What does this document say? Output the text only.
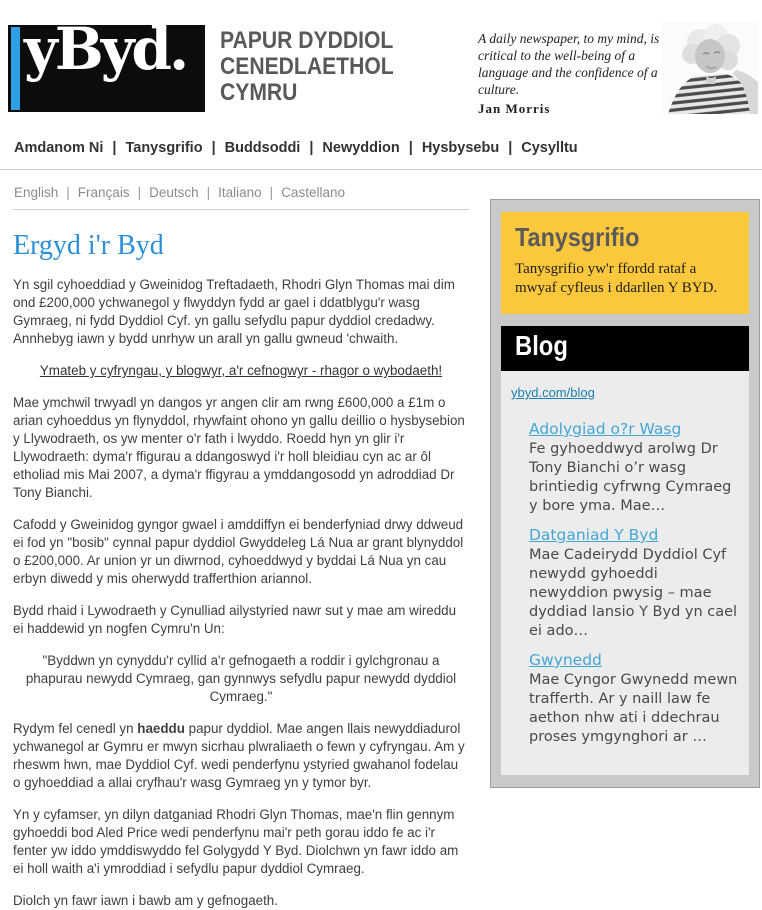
yByd. PAPUR DYDDIOL
CENEDLAETHOL
CYMRU
A daily newspaper, to my mind, is critical to the well-being of a language and the confidence of a culture.
Jan Morris
Amdanom Ni | Tanysgrifio | Buddsoddi | Newyddion | Hysbysebu | Cysylltu
English | Français | Deutsch | Italiano | Castellano
Ergyd i'r Byd

Yn sgil cyhoeddiad y Gweinidog Treftadaeth, Rhodri Glyn Thomas mai dim ond £200,000 ychwanegol y flwyddyn fydd ar gael i ddatblygu'r wasg Gymraeg, ni fydd Dyddiol Cyf. yn gallu sefydlu papur dyddiol credadwy. Annhebyg iawn y bydd unrhyw un arall yn gallu gwneud 'chwaith.

Ymateb y cyfryngau, y blogwyr, a'r cefnogwyr - rhagor o wybodaeth!

Mae ymchwil trwyadl yn dangos yr angen clir am rwng £600,000 a £1m o arian cyhoeddus yn flynyddol, rhywfaint ohono yn gallu deillio o hysbysebion y Llywodraeth, os yw menter o'r fath i lwyddo. Roedd hyn yn glir i'r Llywodraeth: dyma'r ffigurau a ddangoswyd i'r holl bleidiau cyn ac ar ôl etholiad mis Mai 2007, a dyma'r ffigyrau a ymddangosodd yn adroddiad Dr Tony Bianchi.

Cafodd y Gweinidog gyngor gwael i amddiffyn ei benderfyniad drwy ddweud ei fod yn "bosib" cynnal papur dyddiol Gwyddeleg Lá Nua ar grant blynyddol o £200,000. Ar union yr un diwrnod, cyhoeddwyd y byddai Lá Nua yn cau erbyn diwedd y mis oherwydd trafferthion ariannol.

Bydd rhaid i Lywodraeth y Cynulliad ailystyried nawr sut y mae am wireddu ei haddewid yn nogfen Cymru'n Un:

"Byddwn yn cynyddu'r cyllid a'r gefnogaeth a roddir i gylchgronau a phapurau newydd Cymraeg, gan gynnwys sefydlu papur newydd dyddiol Cymraeg."

Rydym fel cenedl yn haeddu papur dyddiol. Mae angen llais newyddiadurol ychwanegol ar Gymru er mwyn sicrhau plwraliaeth o fewn y cyfryngau. Am y rheswm hwn, mae Dyddiol Cyf. wedi penderfynu ystyried gwahanol fodelau o gyhoeddiad a allai cryfhau'r wasg Gymraeg yn y tymor byr.

Yn y cyfamser, yn dilyn datganiad Rhodri Glyn Thomas, mae'n flin gennym gyhoeddi bod Aled Price wedi penderfynu mai'r peth gorau iddo fe ac i'r fenter yw iddo ymddiswyddo fel Golygydd Y Byd. Diolchwn yn fawr iddo am ei holl waith a'i ymroddiad i sefydlu papur dyddiol Cymraeg.

Diolch yn fawr iawn i bawb am y gefnogaeth.

Tanysgrifio
Tanysgrifio yw'r ffordd rataf a mwyaf cyfleus i ddarllen Y BYD.
Blog
ybyd.com/blog
Adolygiad o?r Wasg
Fe gyhoeddwyd arolwg Dr Tony Bianchi o’r wasg brintiedig cyfrwng Cymraeg y bore yma. Mae…
Datganiad Y Byd
Mae Cadeirydd Dyddiol Cyf newydd gyhoeddi newyddion pwysig – mae dyddiad lansio Y Byd yn cael ei ado…
Gwynedd
Mae Cyngor Gwynedd mewn trafferth. Ar y naill law fe aethon nhw ati i ddechrau proses ymgynghori ar …
